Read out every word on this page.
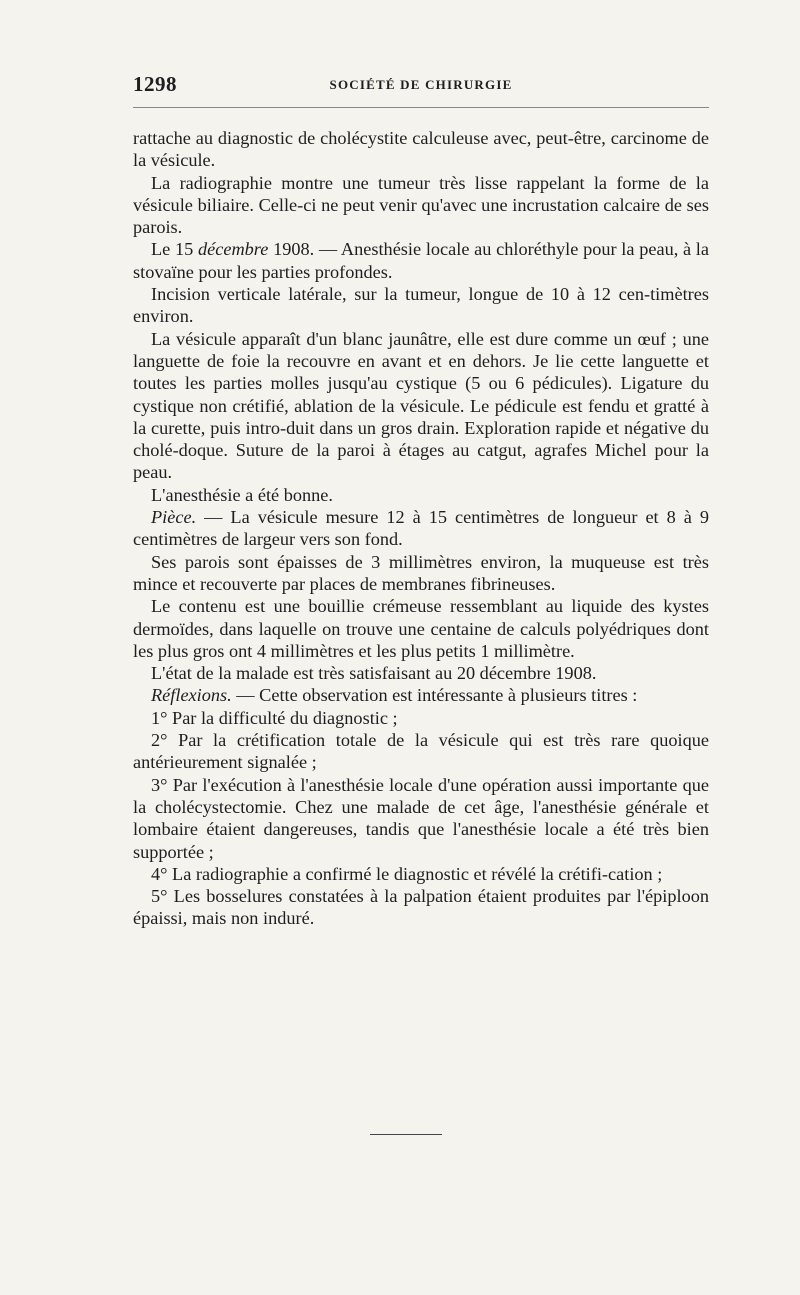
1298	SOCIÉTÉ DE CHIRURGIE

rattache au diagnostic de cholécystite calculeuse avec, peut-être, carcinome de la vésicule.

La radiographie montre une tumeur très lisse rappelant la forme de la vésicule biliaire. Celle-ci ne peut venir qu'avec une incrustation calcaire de ses parois.

Le 15 décembre 1908. — Anesthésie locale au chloréthyle pour la peau, à la stovaïne pour les parties profondes.

Incision verticale latérale, sur la tumeur, longue de 10 à 12 cen-timètres environ.

La vésicule apparaît d'un blanc jaunâtre, elle est dure comme un œuf ; une languette de foie la recouvre en avant et en dehors. Je lie cette languette et toutes les parties molles jusqu'au cystique (5 ou 6 pédicules). Ligature du cystique non crétifié, ablation de la vésicule. Le pédicule est fendu et gratté à la curette, puis intro-duit dans un gros drain. Exploration rapide et négative du cholé-doque. Suture de la paroi à étages au catgut, agrafes Michel pour la peau.

L'anesthésie a été bonne.

Pièce. — La vésicule mesure 12 à 15 centimètres de longueur et 8 à 9 centimètres de largeur vers son fond.

Ses parois sont épaisses de 3 millimètres environ, la muqueuse est très mince et recouverte par places de membranes fibrineuses.

Le contenu est une bouillie crémeuse ressemblant au liquide des kystes dermoïdes, dans laquelle on trouve une centaine de calculs polyédriques dont les plus gros ont 4 millimètres et les plus petits 1 millimètre.

L'état de la malade est très satisfaisant au 20 décembre 1908.

Réflexions. — Cette observation est intéressante à plusieurs titres :

1° Par la difficulté du diagnostic ;

2° Par la crétification totale de la vésicule qui est très rare quoique antérieurement signalée ;

3° Par l'exécution à l'anesthésie locale d'une opération aussi importante que la cholécystectomie. Chez une malade de cet âge, l'anesthésie générale et lombaire étaient dangereuses, tandis que l'anesthésie locale a été très bien supportée ;

4° La radiographie a confirmé le diagnostic et révélé la crétifi-cation ;

5° Les bosselures constatées à la palpation étaient produites par l'épiploon épaissi, mais non induré.
